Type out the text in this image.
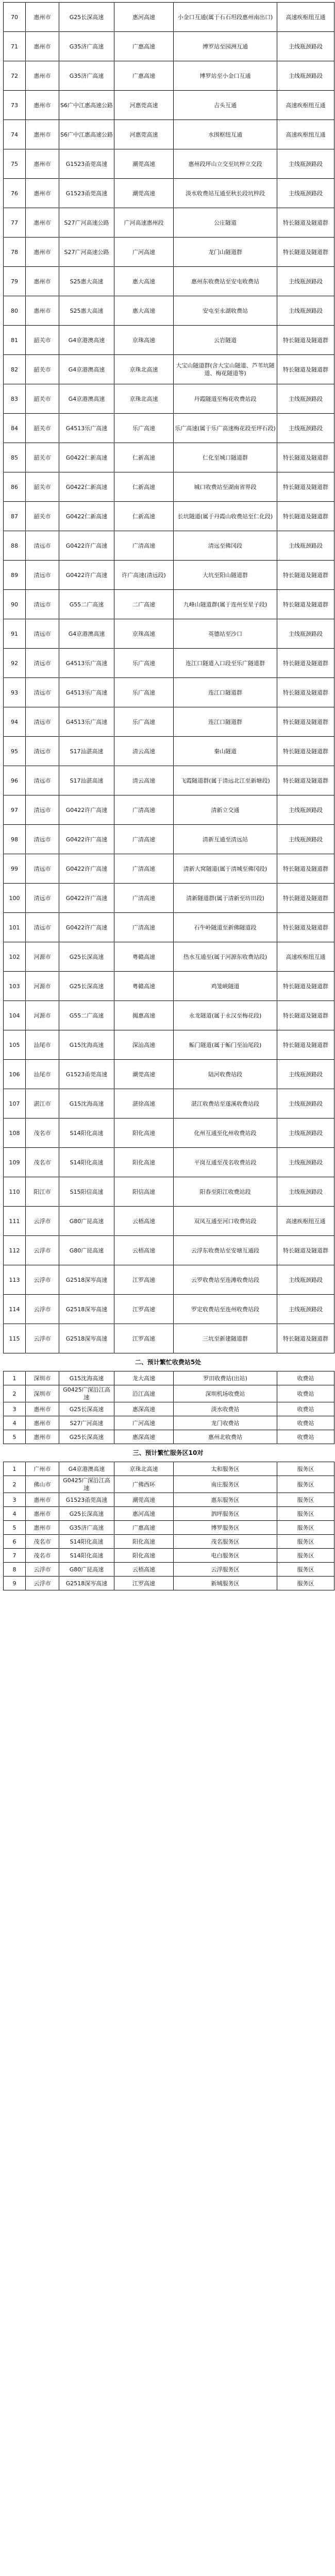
70	惠州市	G25长深高速	惠河高速	小金口互通(属于石石坦段惠州南出口)	高速疾枢纽互通
71	惠州市	G35济广高速	广惠高速	博罗站至园洲互通	主线瓶颈路段
72	惠州市	G35济广高速	广惠高速	博罗站至小金口互通	主线瓶颈路段
73	惠州市	S6广中江惠高速公路	河惠莞高速	吉头互通	高速疾枢纽互通
74	惠州市	S6广中江惠高速公路	河惠莞高速	水围枢纽互通	高速疾枢纽互通
75	惠州市	G1523甬莞高速	潮莞高速	惠州段坪山立交至坑梓立交段	主线瓶颈路段
76	惠州市	G1523甬莞高速	潮莞高速	淡水收费站互通至秋长段坑梓段	主线瓶颈路段
77	惠州市	S27广河高速公路	广河高速惠州段	公庄隧道	特长隧道及隧道群
78	惠州市	S27广河高速公路	广河高速	龙门山隧道群	特长隧道及隧道群
79	惠州市	S25惠大高速	惠大高速	惠州东收费站至安屯收费站	主线瓶颈路段
80	惠州市	S25惠大高速	惠大高速	安屯至永湖收费站	主线瓶颈路段
81	韶关市	G4京港澳高速	京珠高速	云岩隧道	特长隧道及隧道群
82	韶关市	G4京港澳高速	京珠北高速	大宝山隧道群(含大宝山隧道、芦苇坑隧道、梅花隧道等)	特长隧道及隧道群
83	韶关市	G4京港澳高速	京珠北高速	丹霞隧道至梅花收费站段	主线瓶颈路段
84	韶关市	G4513乐广高速	乐广高速	乐广高速(属于乐广高速梅花段至坪石段)	主线瓶颈路段
85	韶关市	G0422仁新高速	仁新高速	仁化至城口隧道群	特长隧道及隧道群
86	韶关市	G0422仁新高速	仁新高速	城口收费站至湖南省界段	特长隧道及隧道群
87	韶关市	G0422仁新高速	仁新高速	长坑隧道(属于丹霞山收费站至仁化段)	特长隧道及隧道群
88	清远市	G0422许广高速	广清高速	清远至佛冈段	主线瓶颈路段
89	清远市	G0422许广高速	许广高速(清远段)	大坑至阳山隧道群	特长隧道及隧道群
90	清远市	G55二广高速	二广高速	九峰山隧道群(属于连州至星子段)	特长隧道及隧道群
91	清远市	G4京港澳高速	京珠高速	英德站至沙口	主线瓶颈路段
92	清远市	G4513乐广高速	乐广高速	连江口隧道入口段至乐广隧道群	特长隧道及隧道群
93	清远市	G4513乐广高速	乐广高速	连江口隧道群	特长隧道及隧道群
94	清远市	G4513乐广高速	乐广高速	连江口隧道群	特长隧道及隧道群
95	清远市	S17汕湛高速	清云高速	秦山隧道	特长隧道及隧道群
96	清远市	S17汕湛高速	清云高速	飞霞隧道群(属于清远北江至新塘段)	特长隧道及隧道群
97	清远市	G0422许广高速	广清高速	清新立交通	主线瓶颈路段
98	清远市	G0422许广高速	广清高速	清新互通至清远站	主线瓶颈路段
99	清远市	G0422许广高速	广清高速	清新大窝隧道(属于清城至佛冈段)	特长隧道及隧道群
100	清远市	G0422许广高速	广清高速	清新隧道群(属于清新至坊田段)	特长隧道及隧道群
101	清远市	G0422许广高速	广清高速	石牛岭隧道至新佛隧道段	特长隧道及隧道群
102	河源市	G25长深高速	粤赣高速	热水互通至(属于河源东收费站段)	高速疾枢纽互通
103	河源市	G25长深高速	粤赣高速	鸡笼峡隧道	特长隧道及隧道群
104	河源市	G55二广高速	揭惠高速	永龙隧道(属于永汉至梅花段)	特长隧道及隧道群
105	汕尾市	G15沈海高速	深汕高速	鲘门隧道(属于鲘门至汕尾段)	特长隧道及隧道群
106	汕尾市	G1523甬莞高速	潮莞高速	陆河收费站段	主线瓶颈路段
107	湛江市	G15沈海高速	湛徐高速	湛江收费站至遂溪收费站段	主线瓶颈路段
108	茂名市	S14阳化高速	阳化高速	化州互通至化州收费站段	主线瓶颈路段
109	茂名市	S14阳化高速	阳化高速	平岗互通至茂名收费站段	主线瓶颈路段
110	阳江市	S15阳信高速	阳信高速	阳春至阳江收费站段	主线瓶颈路段
111	云浮市	G80广昆高速	云梧高速	双凤互通至河口收费站段	高速疾枢纽互通
112	云浮市	G80广昆高速	云梧高速	云浮东收费站至安塘互通段	特长隧道及隧道群
113	云浮市	G2518深岑高速	江罗高速	云罗收费站至连滩收费站段	主线瓶颈路段
114	云浮市	G2518深岑高速	江罗高速	罗定收费站至连州收费站段	主线瓶颈路段
115	云浮市	G2518深岑高速	江罗高速	三坑至新建隧道群	特长隧道及隧道群
二、预计繁忙收费站5处
1	深圳市	G15沈海高速	龙大高速	罗田收费站(出站)	收费站
2	深圳市	G0425广深沿江高速	沿江高速	深圳机场收费站	收费站
3	惠州市	G25长深高速	惠深高速	淡水收费站	收费站
4	惠州市	S27广河高速	广河高速	龙门收费站	收费站
5	惠州市	G25长深高速	惠深高速	惠州北收费站	收费站
三、预计繁忙服务区10对
1	广州市	G4京港澳高速	京珠北高速	太和服务区	服务区
2	佛山市	G0425广深沿江高速	广佛西环	南庄服务区	服务区
3	惠州市	G1523甬莞高速	潮莞高速	惠东服务区	服务区
4	惠州市	G25长深高速	惠河高速	泗坪服务区	服务区
5	惠州市	G35济广高速	广惠高速	博罗服务区	服务区
6	茂名市	S14阳化高速	阳化高速	茂名服务区	服务区
7	茂名市	S14阳化高速	阳化高速	电白服务区	服务区
8	云浮市	G80广昆高速	云梧高速	云浮服务区	服务区
9	云浮市	G2518深岑高速	江罗高速	新城服务区	服务区
